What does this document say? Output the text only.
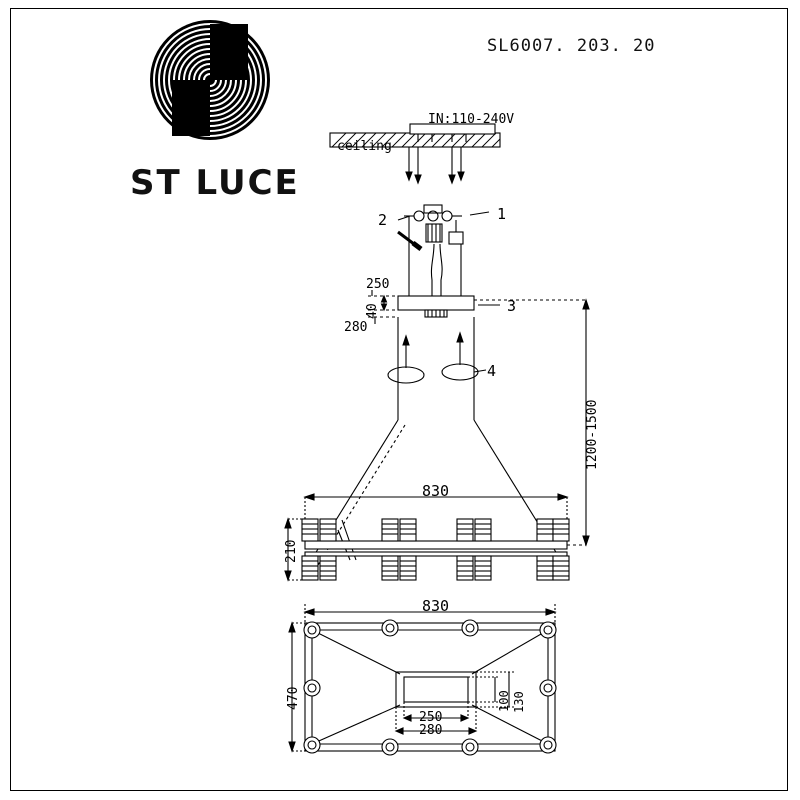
ST LUCE
SL6007. 203. 20
IN:110-240V
ceiling
1
2
3
4
250
40
280
1200-1500
830
210
830
470	100 130
250
280
